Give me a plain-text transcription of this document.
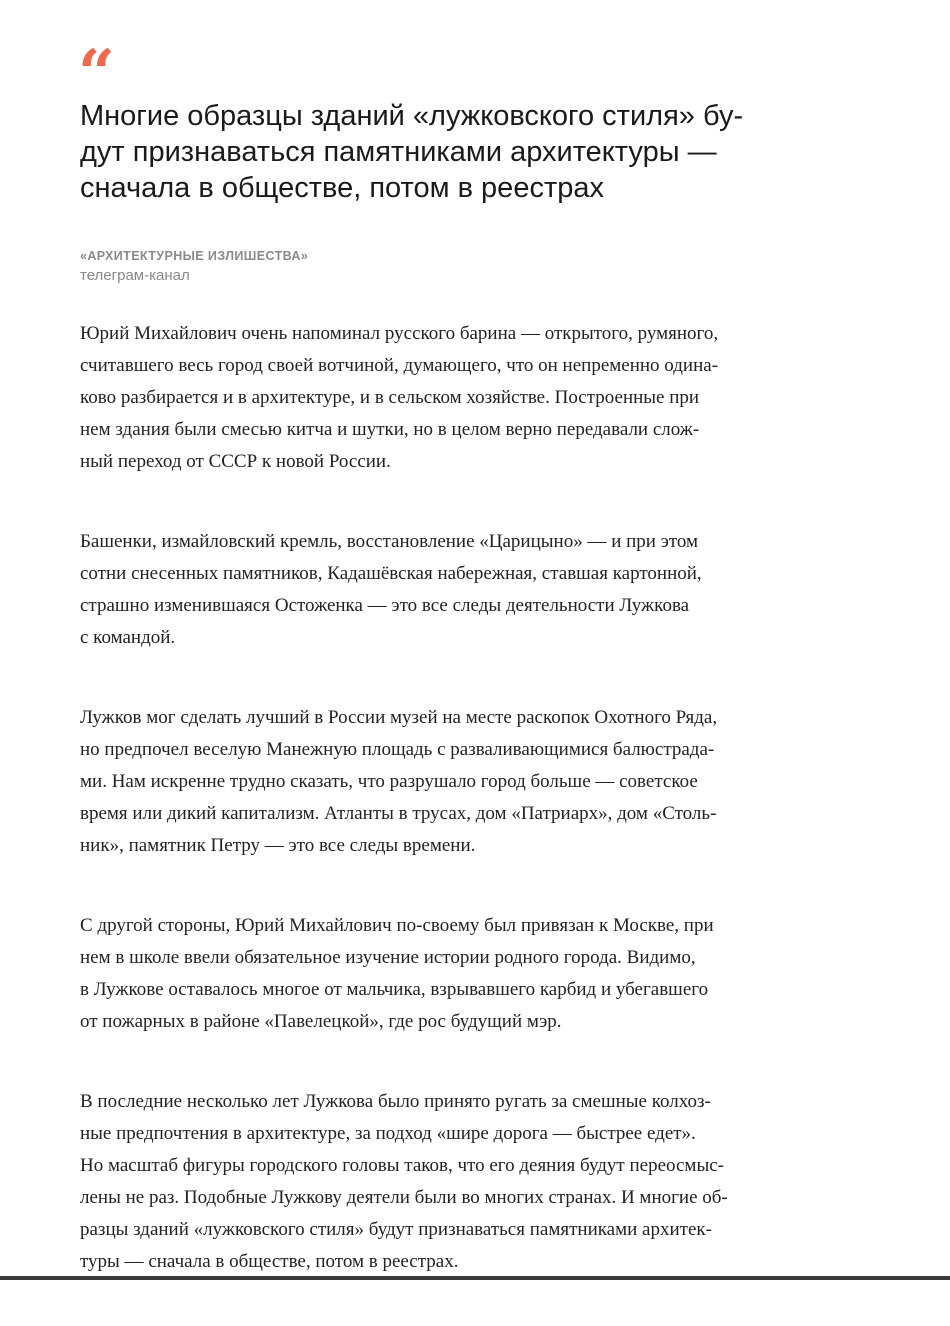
“
Многие образцы зданий «лужковского стиля» бу-
дут признаваться памятниками архитектуры —
сначала в обществе, потом в реестрах
«АРХИТЕКТУРНЫЕ ИЗЛИШЕСТВА»
телеграм-канал

Юрий Михайлович очень напоминал русского барина — открытого, румяного,
считавшего весь город своей вотчиной, думающего, что он непременно одина-
ково разбирается и в архитектуре, и в сельском хозяйстве. Построенные при
нем здания были смесью китча и шутки, но в целом верно передавали слож-
ный переход от СССР к новой России.

Башенки, измайловский кремль, восстановление «Царицыно» — и при этом
сотни снесенных памятников, Кадашёвская набережная, ставшая картонной,
страшно изменившаяся Остоженка — это все следы деятельности Лужкова
с командой.

Лужков мог сделать лучший в России музей на месте раскопок Охотного Ряда,
но предпочел веселую Манежную площадь с разваливающимися балюстрада-
ми. Нам искренне трудно сказать, что разрушало город больше — советское
время или дикий капитализм. Атланты в трусах, дом «Патриарх», дом «Столь-
ник», памятник Петру — это все следы времени.

С другой стороны, Юрий Михайлович по-своему был привязан к Москве, при
нем в школе ввели обязательное изучение истории родного города. Видимо,
в Лужкове оставалось многое от мальчика, взрывавшего карбид и убегавшего
от пожарных в районе «Павелецкой», где рос будущий мэр.

В последние несколько лет Лужкова было принято ругать за смешные колхоз-
ные предпочтения в архитектуре, за подход «шире дорога — быстрее едет».
Но масштаб фигуры городского головы таков, что его деяния будут переосмыс-
лены не раз. Подобные Лужкову деятели были во многих странах. И многие об-
разцы зданий «лужковского стиля» будут признаваться памятниками архитек-
туры — сначала в обществе, потом в реестрах.
